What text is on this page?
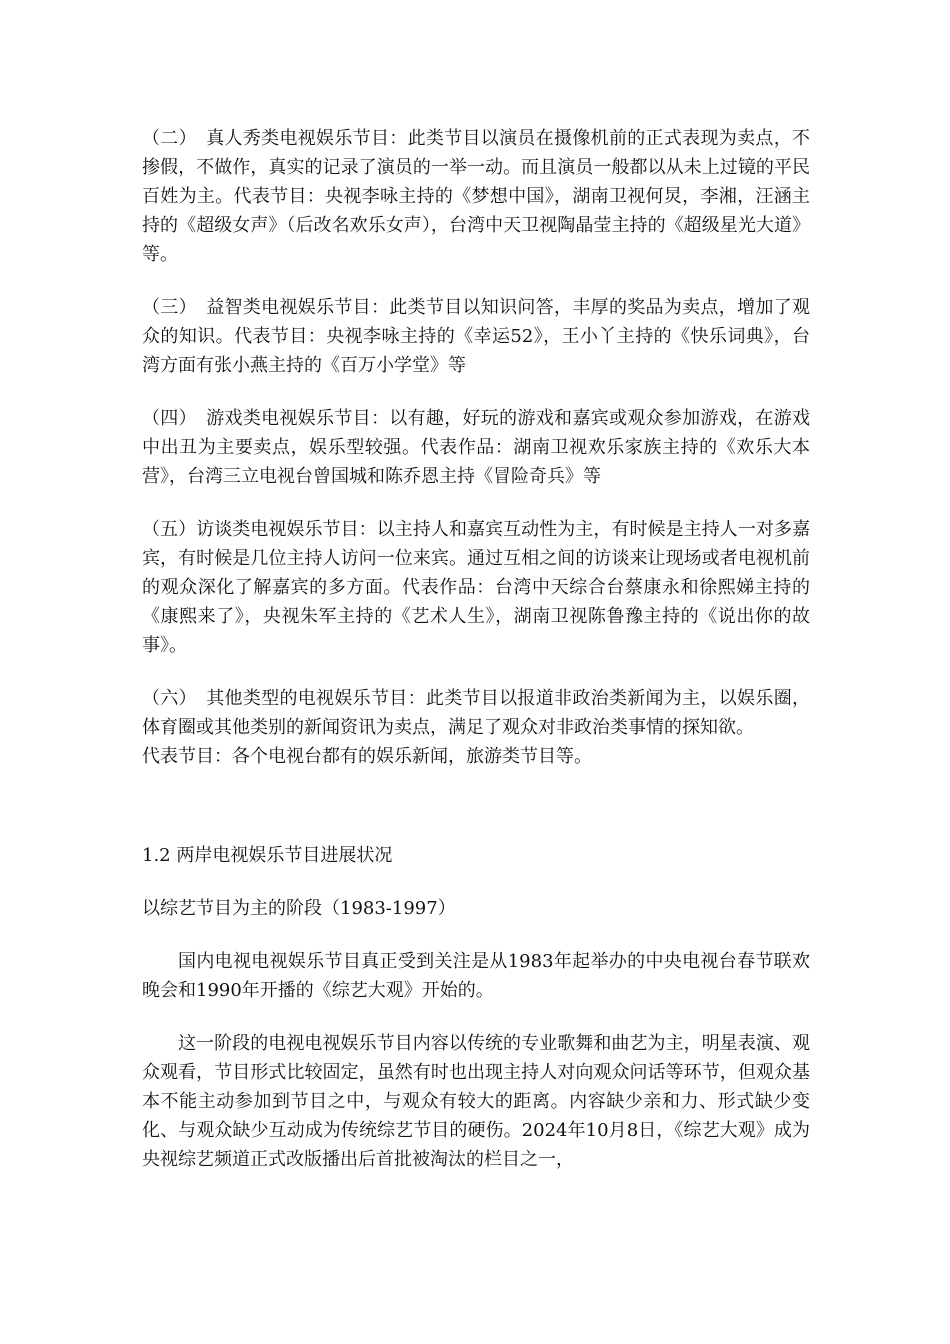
（二）　真人秀类电视娱乐节目：此类节目以演员在摄像机前的正式表现为卖点，不掺假，不做作，真实的记录了演员的一举一动。而且演员一般都以从未上过镜的平民百姓为主。代表节目：央视李咏主持的《梦想中国》，湖南卫视何炅，李湘，汪涵主持的《超级女声》（后改名欢乐女声），台湾中天卫视陶晶莹主持的《超级星光大道》等。

（三）　益智类电视娱乐节目：此类节目以知识问答，丰厚的奖品为卖点，增加了观众的知识。代表节目：央视李咏主持的《幸运52》，王小丫主持的《快乐词典》，台湾方面有张小燕主持的《百万小学堂》等

（四）　游戏类电视娱乐节目：以有趣，好玩的游戏和嘉宾或观众参加游戏，在游戏中出丑为主要卖点，娱乐型较强。代表作品：湖南卫视欢乐家族主持的《欢乐大本营》，台湾三立电视台曾国城和陈乔恩主持《冒险奇兵》等

（五）访谈类电视娱乐节目：以主持人和嘉宾互动性为主，有时候是主持人一对多嘉宾，有时候是几位主持人访问一位来宾。通过互相之间的访谈来让现场或者电视机前的观众深化了解嘉宾的多方面。代表作品：台湾中天综合台蔡康永和徐熙娣主持的《康熙来了》，央视朱军主持的《艺术人生》，湖南卫视陈鲁豫主持的《说出你的故事》。

（六）　其他类型的电视娱乐节目：此类节目以报道非政治类新闻为主，以娱乐圈，体育圈或其他类别的新闻资讯为卖点，满足了观众对非政治类事情的探知欲。

代表节目：各个电视台都有的娱乐新闻，旅游类节目等。

1.2 两岸电视娱乐节目进展状况

以综艺节目为主的阶段（1983-1997）

国内电视电视娱乐节目真正受到关注是从1983年起举办的中央电视台春节联欢晚会和1990年开播的《综艺大观》开始的。

这一阶段的电视电视娱乐节目内容以传统的专业歌舞和曲艺为主，明星表演、观众观看，节目形式比较固定，虽然有时也出现主持人对向观众问话等环节，但观众基本不能主动参加到节目之中，与观众有较大的距离。内容缺少亲和力、形式缺少变化、与观众缺少互动成为传统综艺节目的硬伤。2024年10月8日，《综艺大观》成为央视综艺频道正式改版播出后首批被淘汰的栏目之一，
